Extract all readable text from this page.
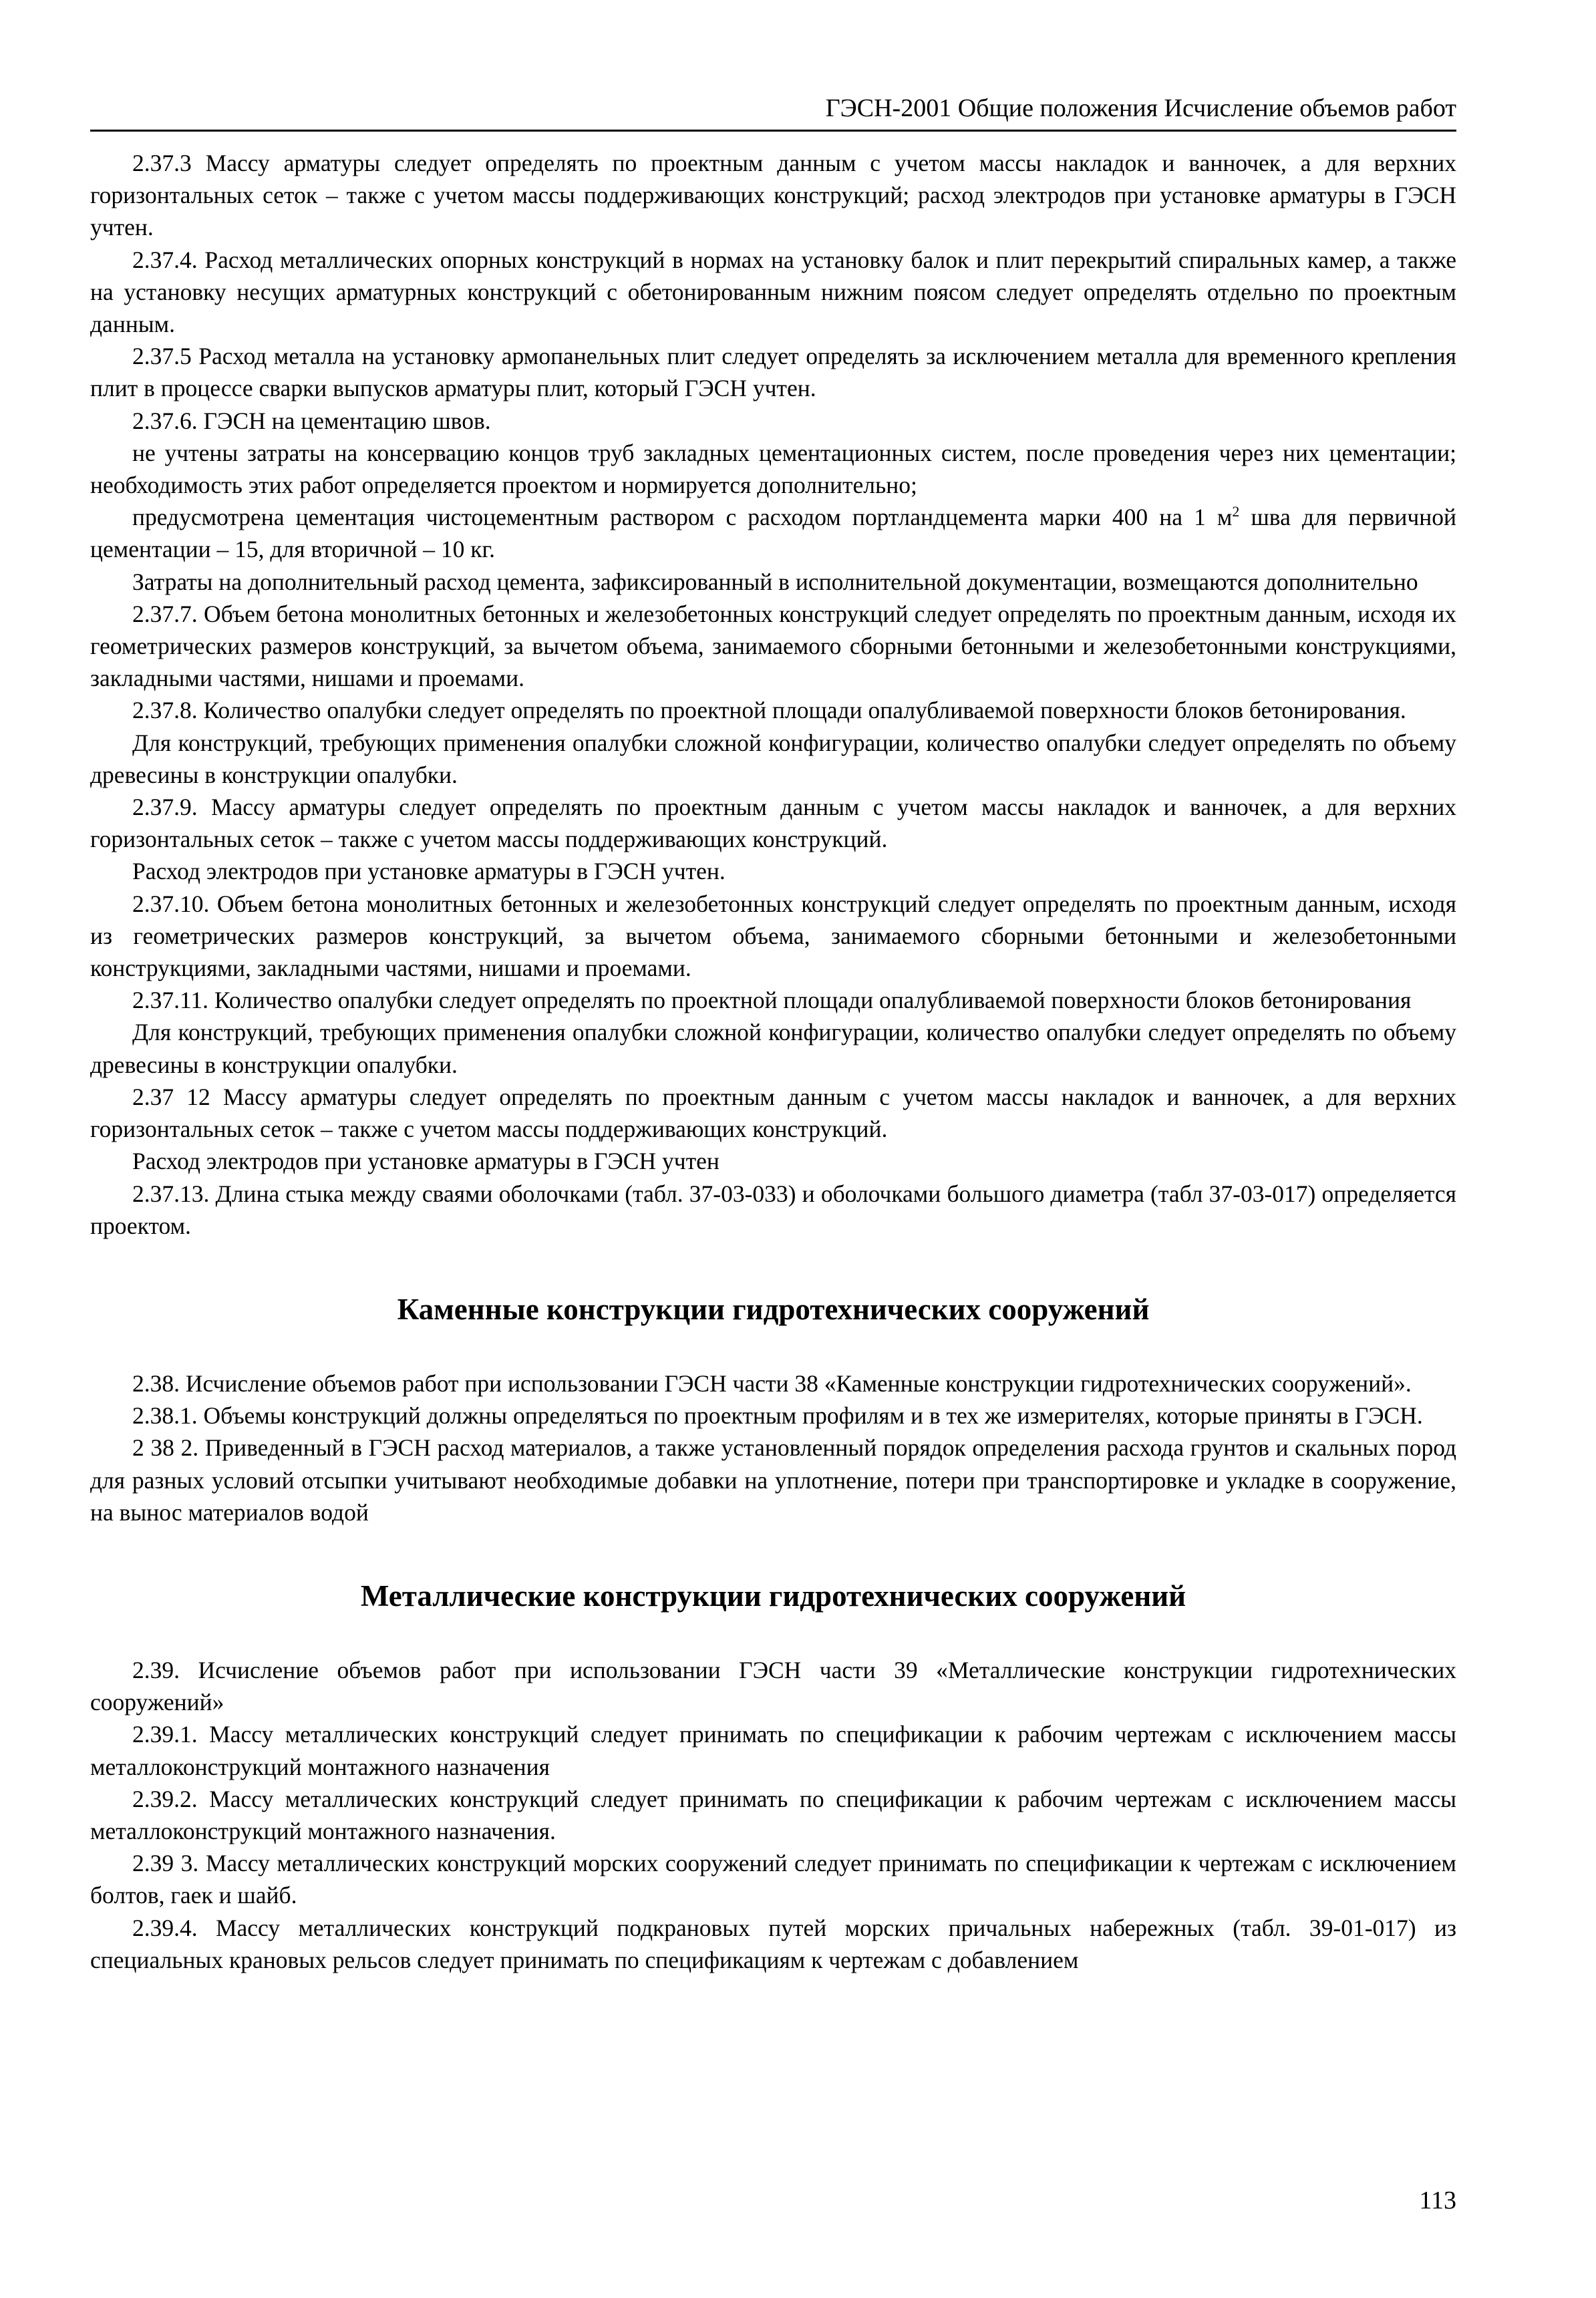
ГЭСН-2001 Общие положения Исчисление объемов работ

2.37.3 Массу арматуры следует определять по проектным данным с учетом массы накладок и ванночек, а для верхних горизонтальных сеток – также с учетом массы поддерживающих конструкций; расход электродов при установке арматуры в ГЭСН учтен.

2.37.4. Расход металлических опорных конструкций в нормах на установку балок и плит перекрытий спиральных камер, а также на установку несущих арматурных конструкций с обетонированным нижним поясом следует определять отдельно по проектным данным.

2.37.5 Расход металла на установку армопанельных плит следует определять за исключением металла для временного крепления плит в процессе сварки выпусков арматуры плит, который ГЭСН учтен.

2.37.6. ГЭСН на цементацию швов.

не учтены затраты на консервацию концов труб закладных цементационных систем, после проведения через них цементации; необходимость этих работ определяется проектом и нормируется дополнительно;

предусмотрена цементация чистоцементным раствором с расходом портландцемента марки 400 на 1 $м^2$ шва для первичной цементации – 15, для вторичной – 10 кг.

Затраты на дополнительный расход цемента, зафиксированный в исполнительной документации, возмещаются дополнительно

2.37.7. Объем бетона монолитных бетонных и железобетонных конструкций следует определять по проектным данным, исходя их геометрических размеров конструкций, за вычетом объема, занимаемого сборными бетонными и железобетонными конструкциями, закладными частями, нишами и проемами.

2.37.8. Количество опалубки следует определять по проектной площади опалубливаемой поверхности блоков бетонирования.

Для конструкций, требующих применения опалубки сложной конфигурации, количество опалубки следует определять по объему древесины в конструкции опалубки.

2.37.9. Массу арматуры следует определять по проектным данным с учетом массы накладок и ванночек, а для верхних горизонтальных сеток – также с учетом массы поддерживающих конструкций.

Расход электродов при установке арматуры в ГЭСН учтен.

2.37.10. Объем бетона монолитных бетонных и железобетонных конструкций следует определять по проектным данным, исходя из геометрических размеров конструкций, за вычетом объема, занимаемого сборными бетонными и железобетонными конструкциями, закладными частями, нишами и проемами.

2.37.11. Количество опалубки следует определять по проектной площади опалубливаемой поверхности блоков бетонирования

Для конструкций, требующих применения опалубки сложной конфигурации, количество опалубки следует определять по объему древесины в конструкции опалубки.

2.37 12 Массу арматуры следует определять по проектным данным с учетом массы накладок и ванночек, а для верхних горизонтальных сеток – также с учетом массы поддерживающих конструкций.

Расход электродов при установке арматуры в ГЭСН учтен

2.37.13. Длина стыка между сваями оболочками (табл. 37-03-033) и оболочками большого диаметра (табл 37-03-017) определяется проектом.

Каменные конструкции гидротехнических сооружений

2.38. Исчисление объемов работ при использовании ГЭСН части 38 «Каменные конструкции гидротехнических сооружений».

2.38.1. Объемы конструкций должны определяться по проектным профилям и в тех же измерителях, которые приняты в ГЭСН.

2 38 2. Приведенный в ГЭСН расход материалов, а также установленный порядок определения расхода грунтов и скальных пород для разных условий отсыпки учитывают необходимые добавки на уплотнение, потери при транспортировке и укладке в сооружение, на вынос материалов водой

Металлические конструкции гидротехнических сооружений

2.39. Исчисление объемов работ при использовании ГЭСН части 39 «Металлические конструкции гидротехнических сооружений»

2.39.1. Массу металлических конструкций следует принимать по спецификации к рабочим чертежам с исключением массы металлоконструкций монтажного назначения

2.39.2. Массу металлических конструкций следует принимать по спецификации к рабочим чертежам с исключением массы металлоконструкций монтажного назначения.

2.39 3. Массу металлических конструкций морских сооружений следует принимать по спецификации к чертежам с исключением болтов, гаек и шайб.

2.39.4. Массу металлических конструкций подкрановых путей морских причальных набережных (табл. 39-01-017) из специальных крановых рельсов следует принимать по спецификациям к чертежам с добавлением

113
